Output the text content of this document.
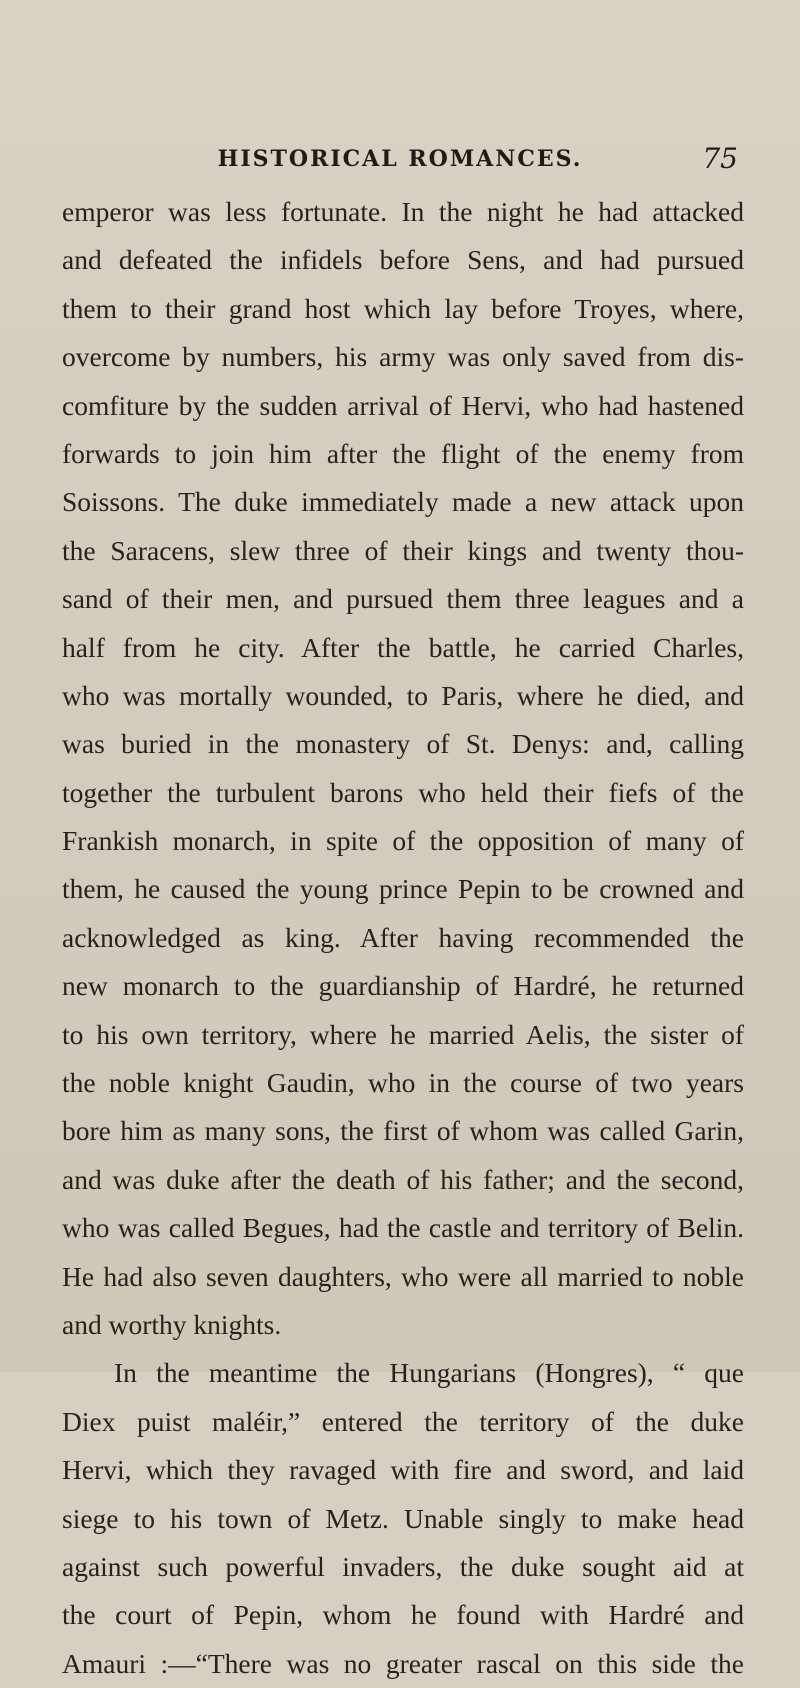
HISTORICAL ROMANCES.	75
emperor was less fortunate. In the night he had attacked
and defeated the infidels before Sens, and had pursued
them to their grand host which lay before Troyes, where,
overcome by numbers, his army was only saved from dis-
comfiture by the sudden arrival of Hervi, who had hastened
forwards to join him after the flight of the enemy from
Soissons. The duke immediately made a new attack upon
the Saracens, slew three of their kings and twenty thou-
sand of their men, and pursued them three leagues and a
half from he city. After the battle, he carried Charles,
who was mortally wounded, to Paris, where he died, and
was buried in the monastery of St. Denys: and, calling
together the turbulent barons who held their fiefs of the
Frankish monarch, in spite of the opposition of many of
them, he caused the young prince Pepin to be crowned and
acknowledged as king. After having recommended the
new monarch to the guardianship of Hardré, he returned
to his own territory, where he married Aelis, the sister of
the noble knight Gaudin, who in the course of two years
bore him as many sons, the first of whom was called Garin,
and was duke after the death of his father; and the second,
who was called Begues, had the castle and territory of Belin.
He had also seven daughters, who were all married to noble
and worthy knights.
In the meantime the Hungarians (Hongres), “ que
Diex puist maléir,” entered the territory of the duke
Hervi, which they ravaged with fire and sword, and laid
siege to his town of Metz. Unable singly to make head
against such powerful invaders, the duke sought aid at
the court of Pepin, whom he found with Hardré and
Amauri :—“There was no greater rascal on this side the
